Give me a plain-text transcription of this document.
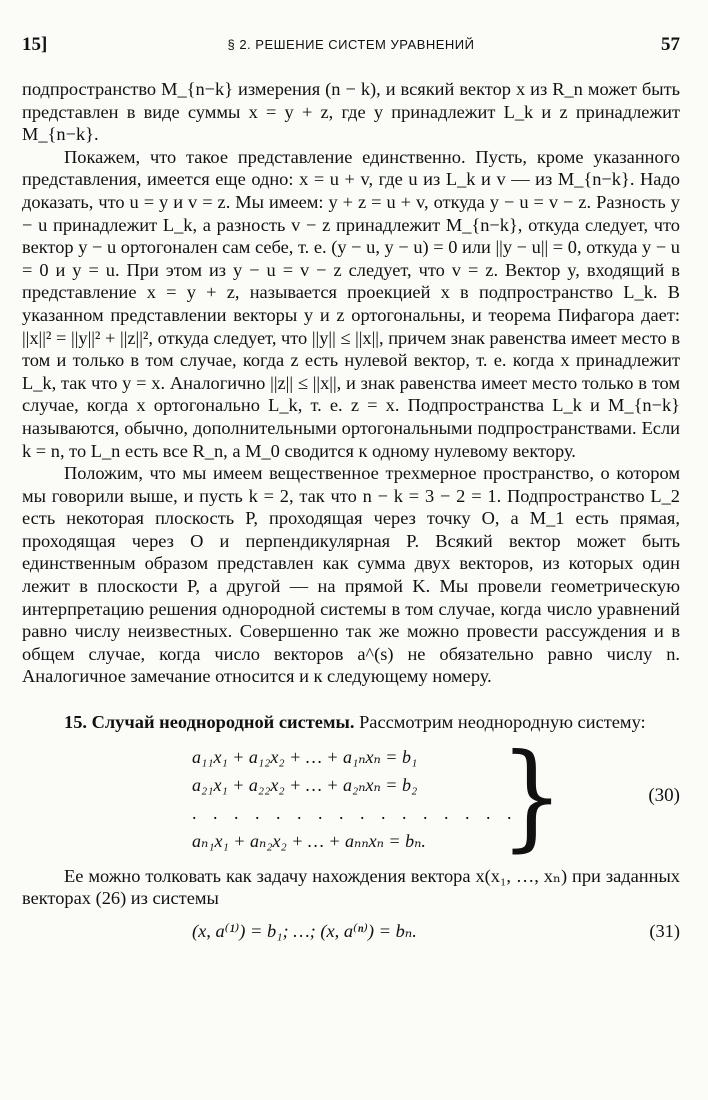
15]	§ 2. РЕШЕНИЕ СИСТЕМ УРАВНЕНИЙ	57

подпространство M_{n−k} измерения (n − k), и всякий вектор x из R_n может быть представлен в виде суммы x = y + z, где y принадлежит L_k и z принадлежит M_{n−k}.

Покажем, что такое представление единственно. Пусть, кроме указанного представления, имеется еще одно: x = u + v, где u из L_k и v — из M_{n−k}. Надо доказать, что u = y и v = z. Мы имеем: y + z = u + v, откуда y − u = v − z. Разность y − u принадлежит L_k, а разность v − z принадлежит M_{n−k}, откуда следует, что вектор y − u ортогонален сам себе, т. е. (y − u, y − u) = 0 или ||y − u|| = 0, откуда y − u = 0 и y = u. При этом из y − u = v − z следует, что v = z. Вектор y, входящий в представление x = y + z, называется проекцией x в подпространство L_k. В указанном представлении векторы y и z ортогональны, и теорема Пифагора дает: ||x||² = ||y||² + ||z||², откуда следует, что ||y|| ≤ ||x||, причем знак равенства имеет место в том и только в том случае, когда z есть нулевой вектор, т. е. когда x принадлежит L_k, так что y = x. Аналогично ||z|| ≤ ||x||, и знак равенства имеет место только в том случае, когда x ортогонально L_k, т. е. z = x. Подпространства L_k и M_{n−k} называются, обычно, дополнительными ортогональными подпространствами. Если k = n, то L_n есть все R_n, а M_0 сводится к одному нулевому вектору.

Положим, что мы имеем вещественное трехмерное пространство, о котором мы говорили выше, и пусть k = 2, так что n − k = 3 − 2 = 1. Подпространство L_2 есть некоторая плоскость P, проходящая через точку O, а M_1 есть прямая, проходящая через O и перпендикулярная P. Всякий вектор может быть единственным образом представлен как сумма двух векторов, из которых один лежит в плоскости P, а другой — на прямой K. Мы провели геометрическую интерпретацию решения однородной системы в том случае, когда число уравнений равно числу неизвестных. Совершенно так же можно провести рассуждения и в общем случае, когда число векторов a^(s) не обязательно равно числу n. Аналогичное замечание относится и к следующему номеру.

15. Случай неоднородной системы. Рассмотрим неоднородную систему:

a₁₁x₁ + a₁₂x₂ + … + a₁ₙxₙ = b₁
a₂₁x₁ + a₂₂x₂ + … + a₂ₙxₙ = b₂
. . . . . . . . . . . . . . . .
aₙ₁x₁ + aₙ₂x₂ + … + aₙₙxₙ = bₙ. }	(30)

Ее можно толковать как задачу нахождения вектора x(x₁, …, xₙ) при заданных векторах (26) из системы

(x, a⁽¹⁾) = b₁; …; (x, a⁽ⁿ⁾) = bₙ.	(31)
